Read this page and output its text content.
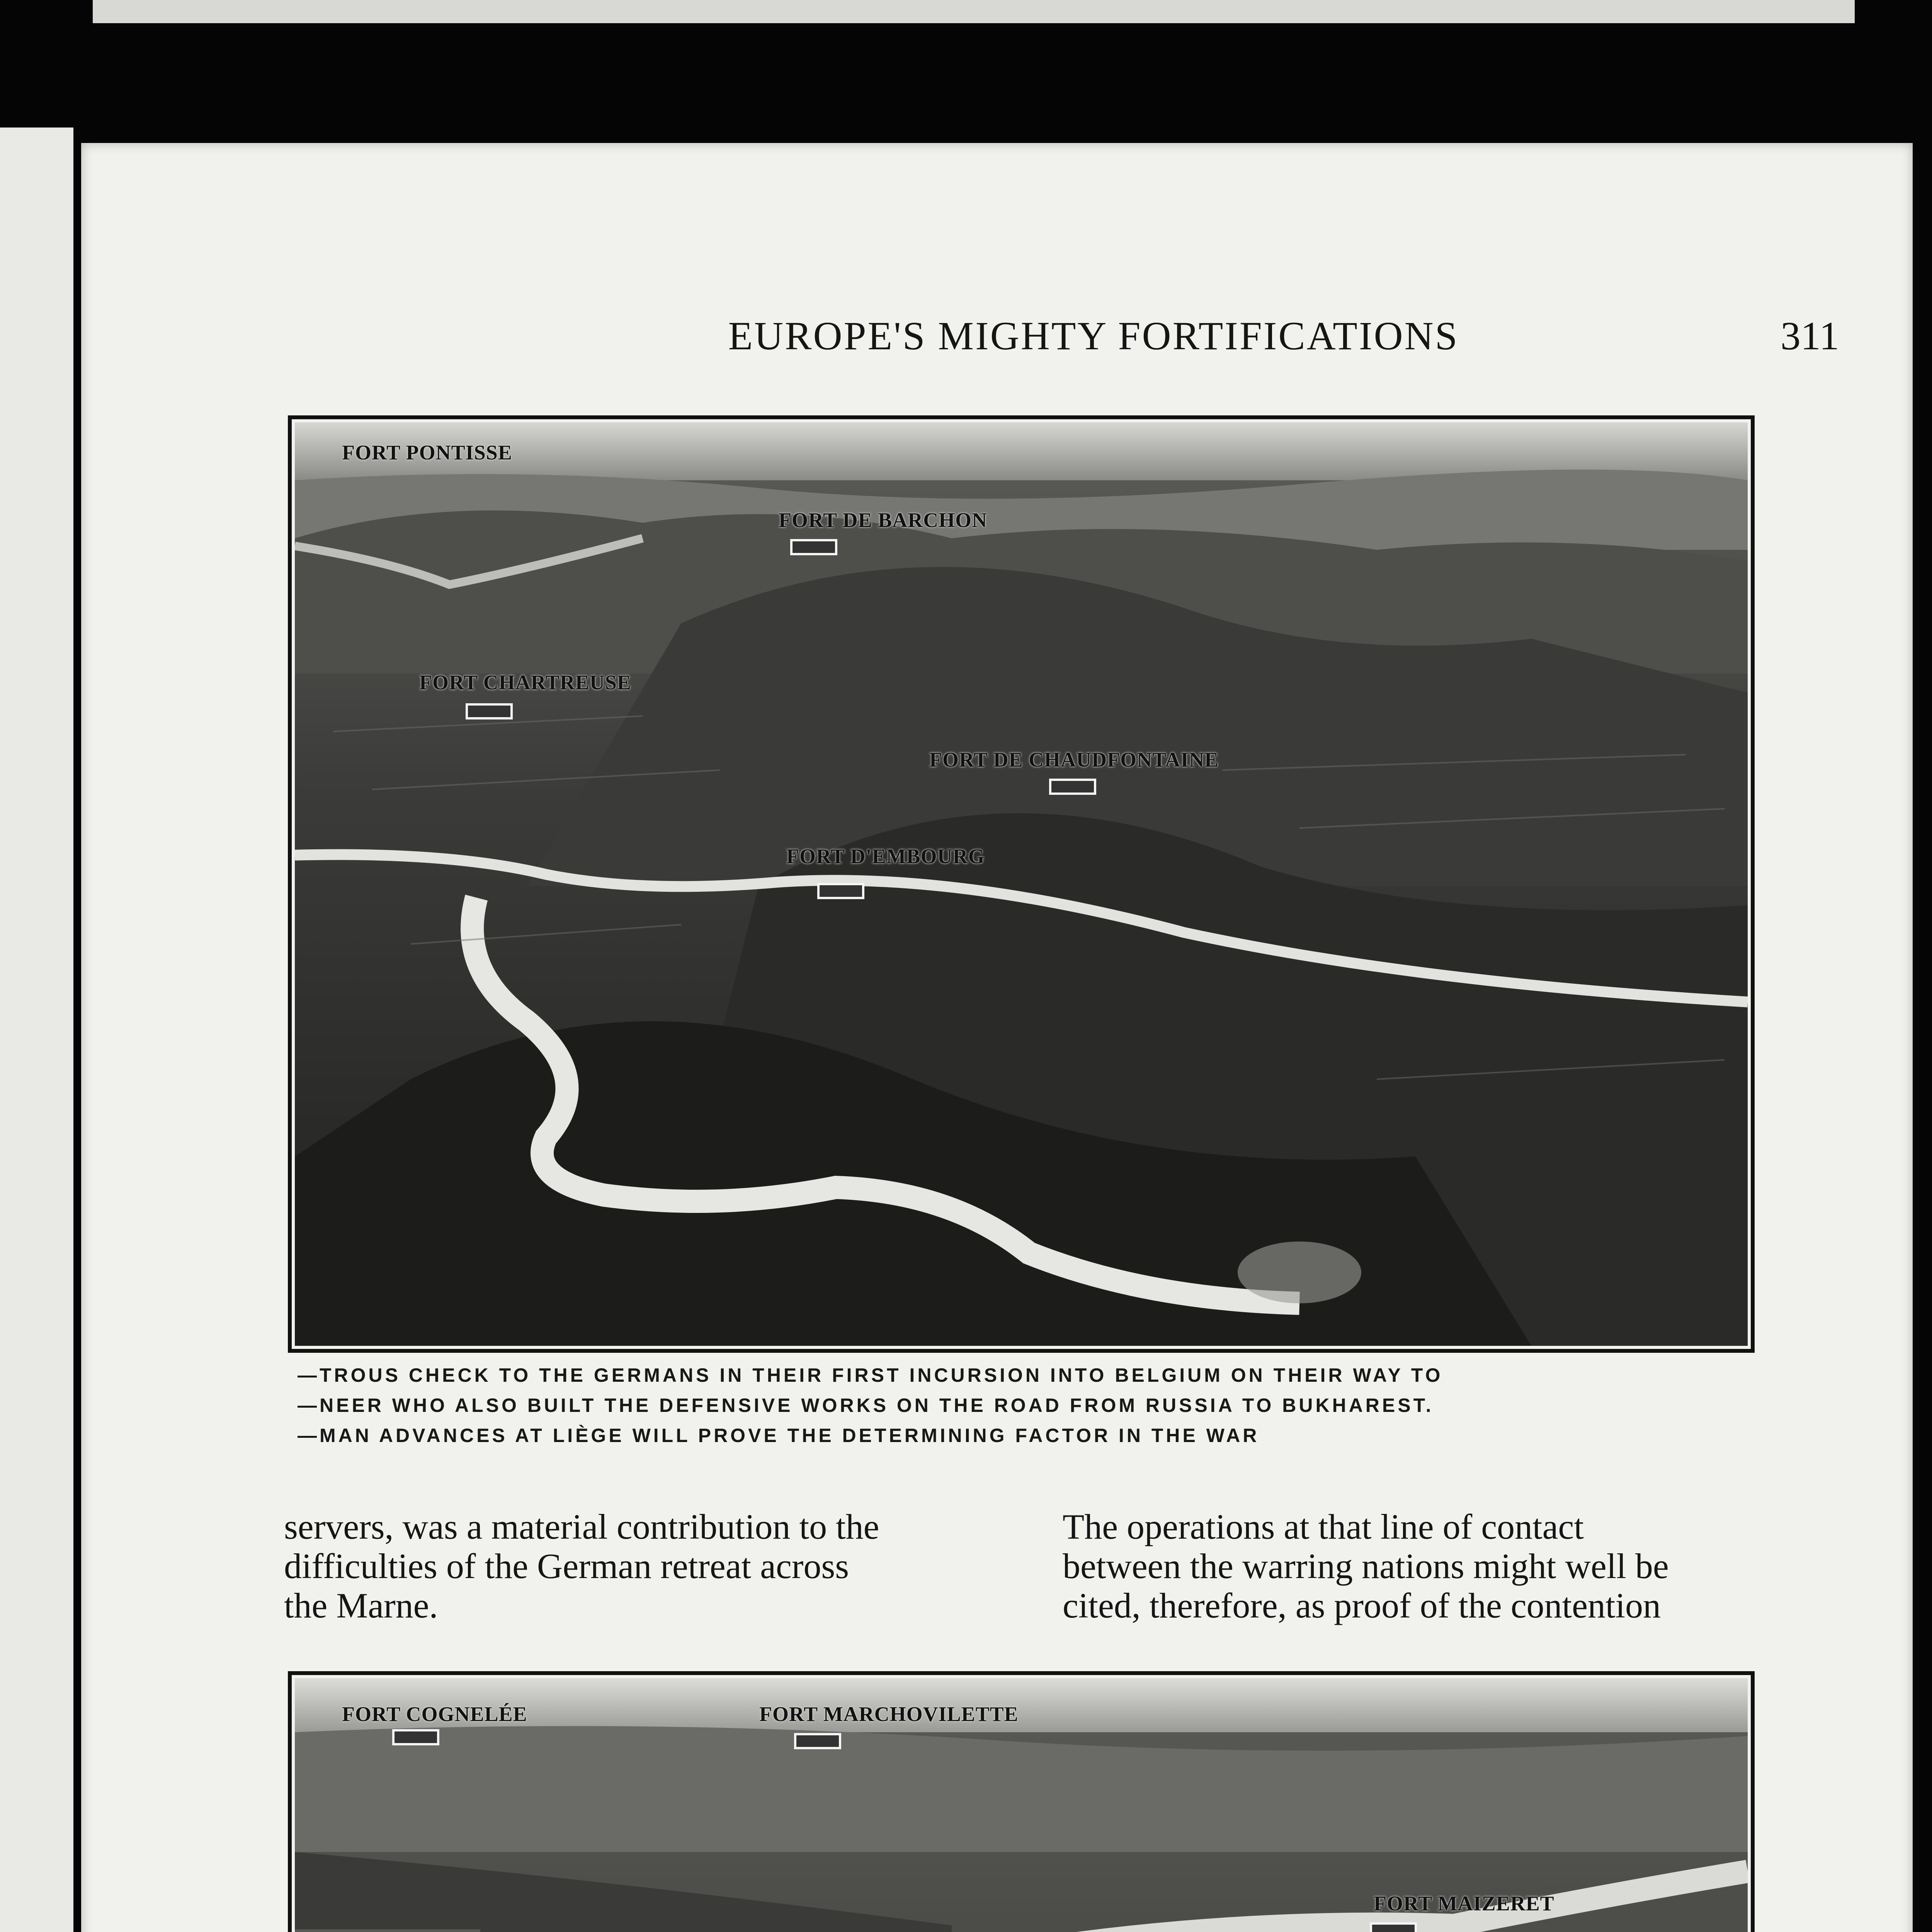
EUROPE'S MIGHTY FORTIFICATIONS	311
FORT PONTISSE
FORT DE BARCHON
FORT CHARTREUSE
FORT DE CHAUDFONTAINE
FORT D'EMBOURG
—TROUS CHECK TO THE GERMANS IN THEIR FIRST INCURSION INTO BELGIUM ON THEIR WAY TO
—NEER WHO ALSO BUILT THE DEFENSIVE WORKS ON THE ROAD FROM RUSSIA TO BUKHAREST.
—MAN ADVANCES AT LIÈGE WILL PROVE THE DETERMINING FACTOR IN THE WAR
servers, was a material contribution to the
difficulties of the German retreat across
the Marne.
The operations at that line of contact
between the warring nations might well be
cited, therefore, as proof of the contention
FORT COGNELÉE	FORT MARCHOVILETTE
FORT MAIZERET
